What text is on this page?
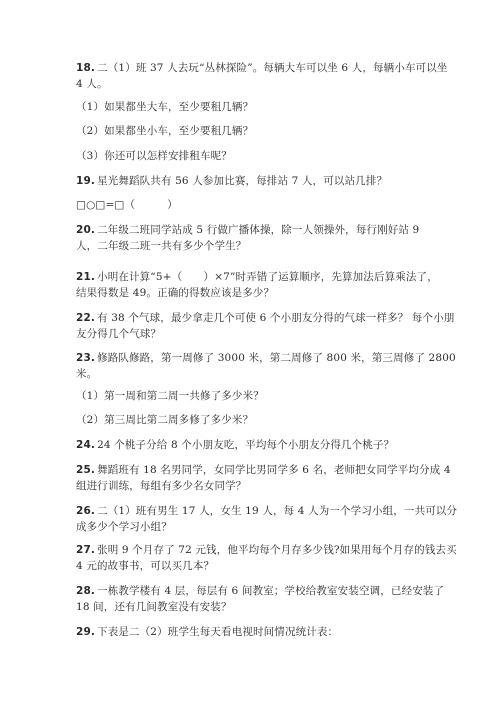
18. 二（1）班 37 人去玩“丛林探险”。每辆大车可以坐 6 人，每辆小车可以坐
4 人。
（1）如果都坐大车，至少要租几辆？
（2）如果都坐小车，至少要租几辆？
（3）你还可以怎样安排租车呢？
19. 星光舞蹈队共有 56 人参加比赛，每排站 7 人，可以站几排？
□○□=□（　　　）
20. 二年级二班同学站成 5 行做广播体操，除一人领操外，每行刚好站 9
人，二年级二班一共有多少个学生？
21. 小明在计算“5+（　　）×7”时弄错了运算顺序，先算加法后算乘法了，
结果得数是 49。正确的得数应该是多少？
22. 有 38 个气球，最少拿走几个可使 6 个小朋友分得的气球一样多？ 每个小朋
友分得几个气球？
23. 修路队修路，第一周修了 3000 米，第二周修了 800 米，第三周修了 2800
米。
（1）第一周和第二周一共修了多少米？
（2）第三周比第二周多修了多少米？
24. 24 个桃子分给 8 个小朋友吃，平均每个小朋友分得几个桃子？
25. 舞蹈班有 18 名男同学，女同学比男同学多 6 名，老师把女同学平均分成 4
组进行训练，每组有多少名女同学？
26. 二（1）班有男生 17 人，女生 19 人，每 4 人为一个学习小组，一共可以分
成多少个学习小组？
27. 张明 9 个月存了 72 元钱，他平均每个月存多少钱?如果用每个月存的钱去买
4 元的故事书，可以买几本？
28. 一栋教学楼有 4 层，每层有 6 间教室；学校给教室安装空调，已经安装了
18 间，还有几间教室没有安装？
29. 下表是二（2）班学生每天看电视时间情况统计表：
